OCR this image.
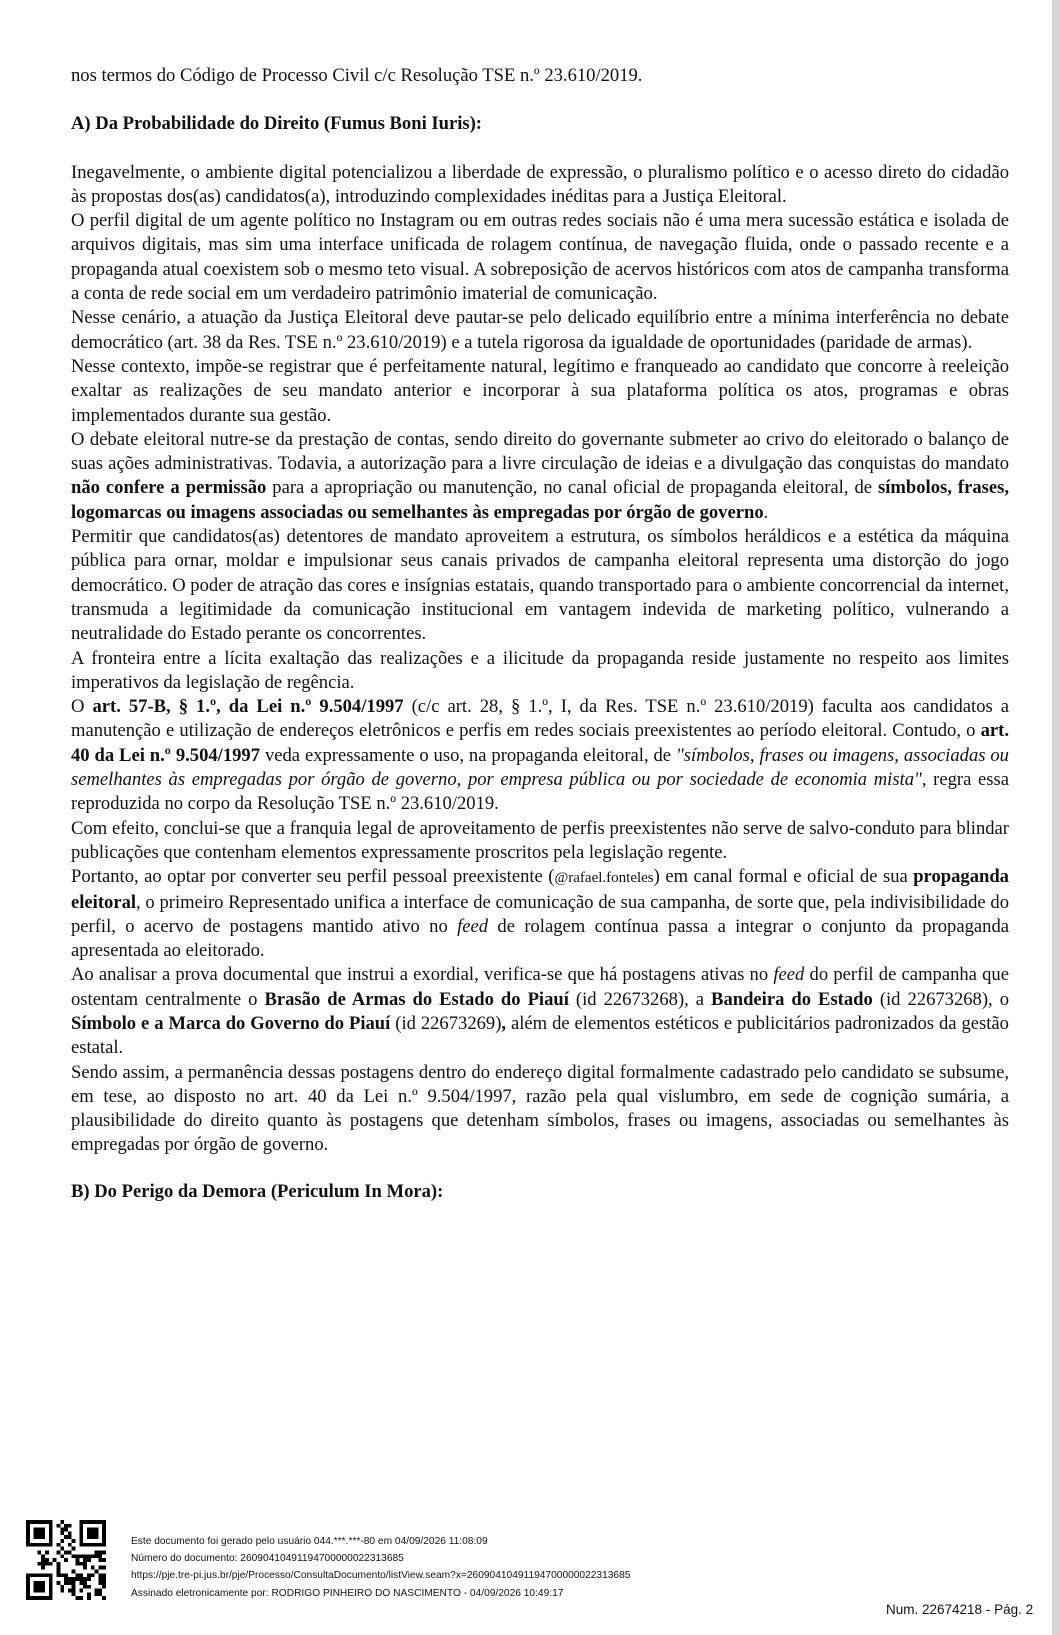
nos termos do Código de Processo Civil c/c Resolução TSE n.º 23.610/2019.

A) Da Probabilidade do Direito (Fumus Boni Iuris):

Inegavelmente, o ambiente digital potencializou a liberdade de expressão, o pluralismo político e o acesso direto do cidadão às propostas dos(as) candidatos(a), introduzindo complexidades inéditas para a Justiça Eleitoral.

O perfil digital de um agente político no Instagram ou em outras redes sociais não é uma mera sucessão estática e isolada de arquivos digitais, mas sim uma interface unificada de rolagem contínua, de navegação fluida, onde o passado recente e a propaganda atual coexistem sob o mesmo teto visual. A sobreposição de acervos históricos com atos de campanha transforma a conta de rede social em um verdadeiro patrimônio imaterial de comunicação.

Nesse cenário, a atuação da Justiça Eleitoral deve pautar-se pelo delicado equilíbrio entre a mínima interferência no debate democrático (art. 38 da Res. TSE n.º 23.610/2019) e a tutela rigorosa da igualdade de oportunidades (paridade de armas).

Nesse contexto, impõe-se registrar que é perfeitamente natural, legítimo e franqueado ao candidato que concorre à reeleição exaltar as realizações de seu mandato anterior e incorporar à sua plataforma política os atos, programas e obras implementados durante sua gestão.

O debate eleitoral nutre-se da prestação de contas, sendo direito do governante submeter ao crivo do eleitorado o balanço de suas ações administrativas. Todavia, a autorização para a livre circulação de ideias e a divulgação das conquistas do mandato não confere a permissão para a apropriação ou manutenção, no canal oficial de propaganda eleitoral, de símbolos, frases, logomarcas ou imagens associadas ou semelhantes às empregadas por órgão de governo.

Permitir que candidatos(as) detentores de mandato aproveitem a estrutura, os símbolos heráldicos e a estética da máquina pública para ornar, moldar e impulsionar seus canais privados de campanha eleitoral representa uma distorção do jogo democrático. O poder de atração das cores e insígnias estatais, quando transportado para o ambiente concorrencial da internet, transmuda a legitimidade da comunicação institucional em vantagem indevida de marketing político, vulnerando a neutralidade do Estado perante os concorrentes.

A fronteira entre a lícita exaltação das realizações e a ilicitude da propaganda reside justamente no respeito aos limites imperativos da legislação de regência.

O art. 57-B, § 1.º, da Lei n.º 9.504/1997 (c/c art. 28, § 1.º, I, da Res. TSE n.º 23.610/2019) faculta aos candidatos a manutenção e utilização de endereços eletrônicos e perfis em redes sociais preexistentes ao período eleitoral. Contudo, o art. 40 da Lei n.º 9.504/1997 veda expressamente o uso, na propaganda eleitoral, de "símbolos, frases ou imagens, associadas ou semelhantes às empregadas por órgão de governo, por empresa pública ou por sociedade de economia mista", regra essa reproduzida no corpo da Resolução TSE n.º 23.610/2019.

Com efeito, conclui-se que a franquia legal de aproveitamento de perfis preexistentes não serve de salvo-conduto para blindar publicações que contenham elementos expressamente proscritos pela legislação regente.

Portanto, ao optar por converter seu perfil pessoal preexistente (@rafael.fonteles) em canal formal e oficial de sua propaganda eleitoral, o primeiro Representado unifica a interface de comunicação de sua campanha, de sorte que, pela indivisibilidade do perfil, o acervo de postagens mantido ativo no feed de rolagem contínua passa a integrar o conjunto da propaganda apresentada ao eleitorado.

Ao analisar a prova documental que instrui a exordial, verifica-se que há postagens ativas no feed do perfil de campanha que ostentam centralmente o Brasão de Armas do Estado do Piauí (id 22673268), a Bandeira do Estado (id 22673268), o Símbolo e a Marca do Governo do Piauí (id 22673269), além de elementos estéticos e publicitários padronizados da gestão estatal.

Sendo assim, a permanência dessas postagens dentro do endereço digital formalmente cadastrado pelo candidato se subsume, em tese, ao disposto no art. 40 da Lei n.º 9.504/1997, razão pela qual vislumbro, em sede de cognição sumária, a plausibilidade do direito quanto às postagens que detenham símbolos, frases ou imagens, associadas ou semelhantes às empregadas por órgão de governo.

B) Do Perigo da Demora (Periculum In Mora):
Este documento foi gerado pelo usuário 044.***.***-80 em 04/09/2026 11:08:09
Número do documento: 26090410491194700000022313685
https://pje.tre-pi.jus.br/pje/Processo/ConsultaDocumento/listView.seam?x=26090410491194700000022313685
Assinado eletronicamente por: RODRIGO PINHEIRO DO NASCIMENTO - 04/09/2026 10:49:17
Num. 22674218 - Pág. 2
